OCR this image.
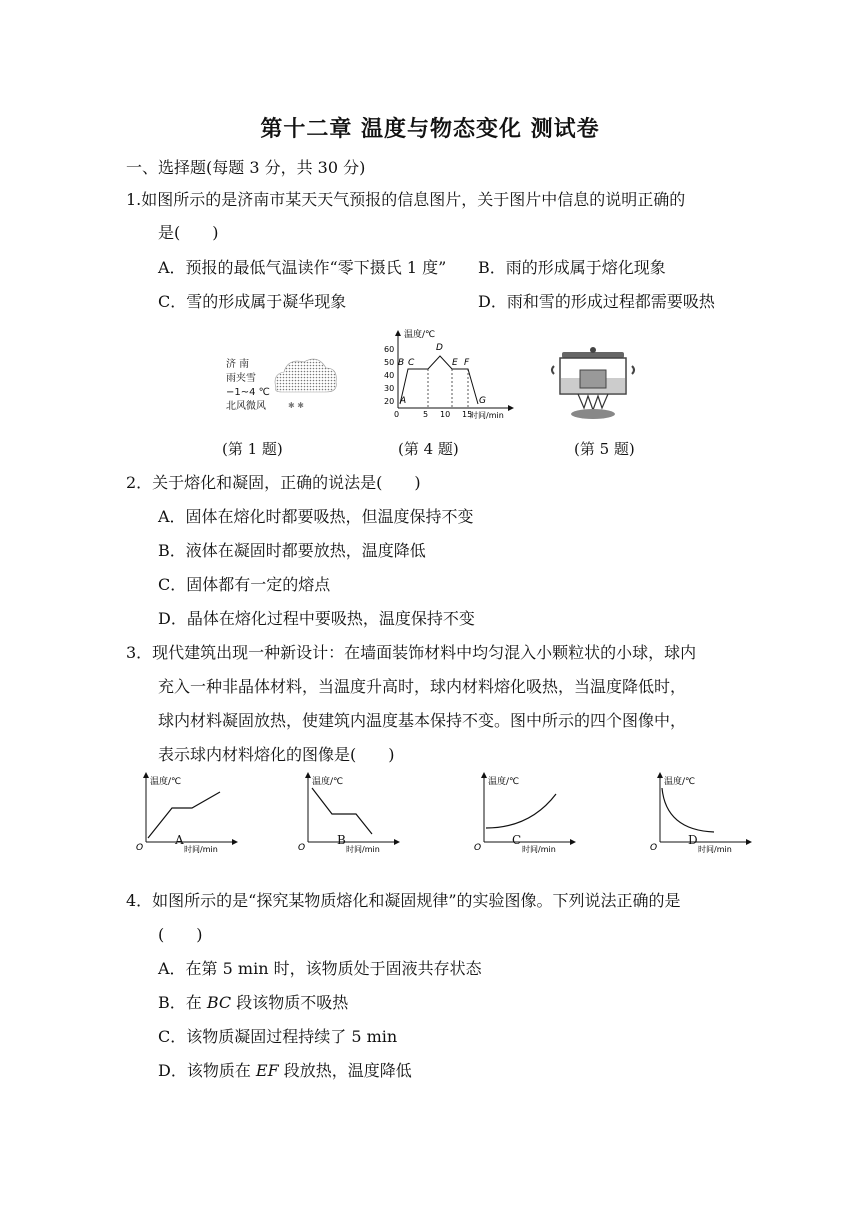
第十二章 温度与物态变化 测试卷
一、选择题(每题 3 分，共 30 分)
1.如图所示的是济南市某天天气预报的信息图片，关于图片中信息的说明正确的
是(　　)
A．预报的最低气温读作“零下摄氏 1 度” B．雨的形成属于熔化现象
C．雪的形成属于凝华现象	D．雨和雪的形成过程都需要吸热
济 南
雨夹雪
−1~4 ℃
北风微风	✱ ✱
温度/℃
时间/min
60
50
40
30
20
0	5 10 15
A
B C
D
E F
G
(第 1 题)	(第 4 题)	(第 5 题)
2．关于熔化和凝固，正确的说法是(　　)
A．固体在熔化时都要吸热，但温度保持不变
B．液体在凝固时都要放热，温度降低
C．固体都有一定的熔点
D．晶体在熔化过程中要吸热，温度保持不变
3．现代建筑出现一种新设计：在墙面装饰材料中均匀混入小颗粒状的小球，球内
充入一种非晶体材料，当温度升高时，球内材料熔化吸热，当温度降低时，
球内材料凝固放热，使建筑内温度基本保持不变。图中所示的四个图像中，
表示球内材料熔化的图像是(　　)
温度/℃
时间/min
O
A
温度/℃
时间/min
O
B
温度/℃
时间/min
O
C
温度/℃
时间/min
O
D
4．如图所示的是“探究某物质熔化和凝固规律”的实验图像。下列说法正确的是
(　　)
A．在第 5 min 时，该物质处于固液共存状态
B．在 BC 段该物质不吸热
C．该物质凝固过程持续了 5 min
D．该物质在 EF 段放热，温度降低
